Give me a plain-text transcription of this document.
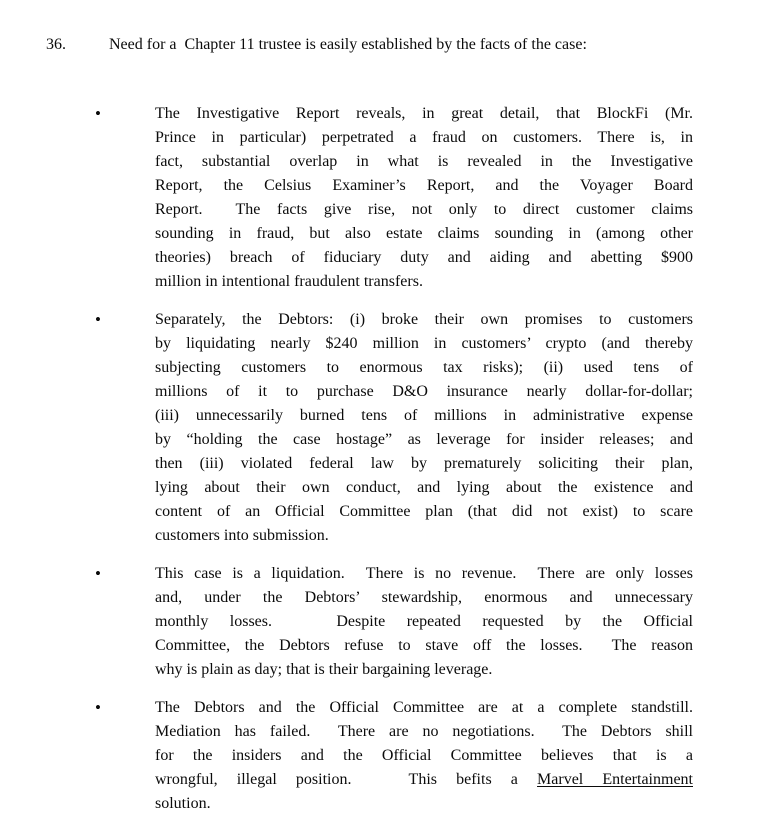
36.	Need for a  Chapter 11 trustee is easily established by the facts of the case:

•	The Investigative Report reveals, in great detail, that BlockFi (Mr.
Prince in particular) perpetrated a fraud on customers. There is, in
fact, substantial overlap in what is revealed in the Investigative
Report, the Celsius Examiner’s Report, and the Voyager Board
Report.  The facts give rise, not only to direct customer claims
sounding in fraud, but also estate claims sounding in (among other
theories) breach of fiduciary duty and aiding and abetting $900
million in intentional fraudulent transfers.
•	Separately, the Debtors: (i) broke their own promises to customers
by liquidating nearly $240 million in customers’ crypto (and thereby
subjecting customers to enormous tax risks); (ii) used tens of
millions of it to purchase D&O insurance nearly dollar-for-dollar;
(iii) unnecessarily burned tens of millions in administrative expense
by “holding the case hostage” as leverage for insider releases; and
then (iii) violated federal law by prematurely soliciting their plan,
lying about their own conduct, and lying about the existence and
content of an Official Committee plan (that did not exist) to scare
customers into submission.
•	This case is a liquidation.  There is no revenue.  There are only losses
and, under the Debtors’ stewardship, enormous and unnecessary
monthly losses.   Despite repeated requested by the Official
Committee, the Debtors refuse to stave off the losses.  The reason
why is plain as day; that is their bargaining leverage.
•	The Debtors and the Official Committee are at a complete standstill.
Mediation has failed.  There are no negotiations.  The Debtors shill
for the insiders and the Official Committee believes that is a
wrongful, illegal position.   This befits a Marvel Entertainment
solution.
